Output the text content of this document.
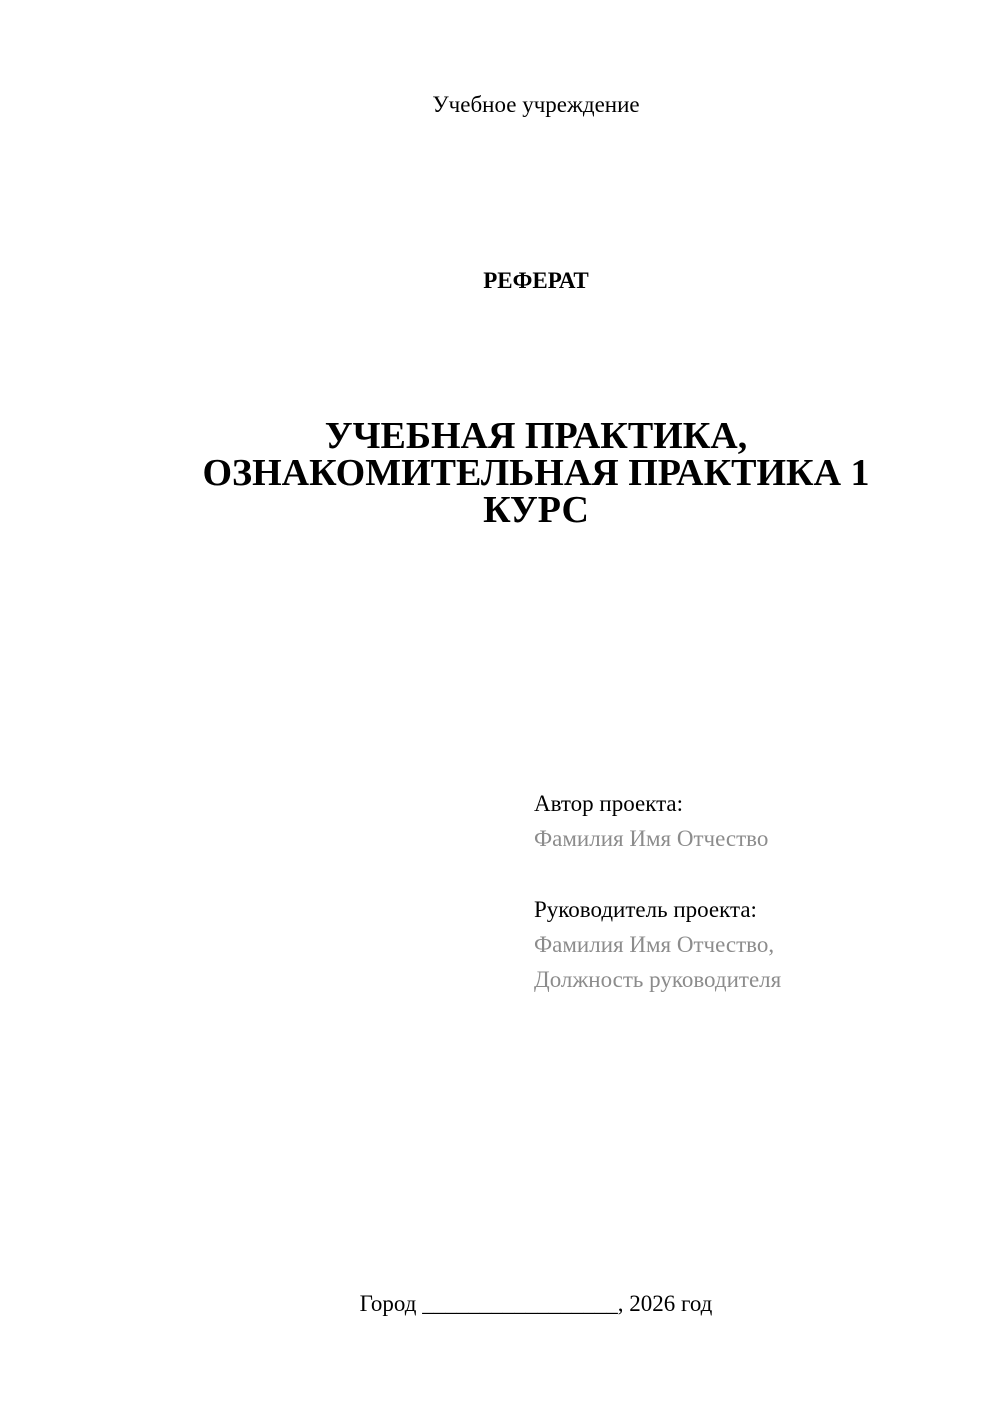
Учебное учреждение
РЕФЕРАТ
УЧЕБНАЯ ПРАКТИКА,
ОЗНАКОМИТЕЛЬНАЯ ПРАКТИКА 1
КУРС
Автор проекта:
Фамилия Имя Отчество
Руководитель проекта:
Фамилия Имя Отчество,
Должность руководителя
Город _________________, 2026 год
